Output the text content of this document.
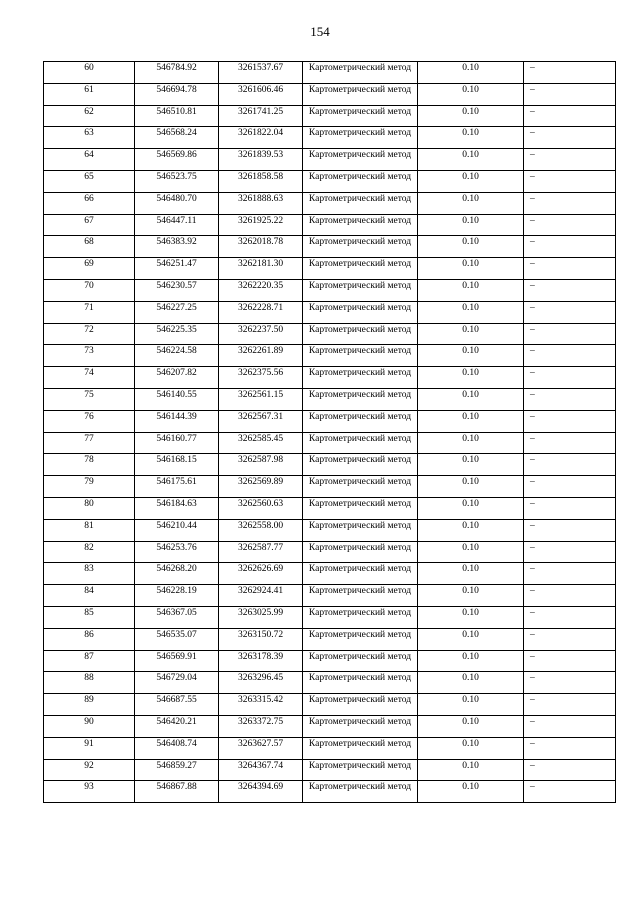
154
60	546784.92	3261537.67	Картометрический метод	0.10	–

61	546694.78	3261606.46	Картометрический метод	0.10	–

62	546510.81	3261741.25	Картометрический метод	0.10	–

63	546568.24	3261822.04	Картометрический метод	0.10	–

64	546569.86	3261839.53	Картометрический метод	0.10	–

65	546523.75	3261858.58	Картометрический метод	0.10	–

66	546480.70	3261888.63	Картометрический метод	0.10	–

67	546447.11	3261925.22	Картометрический метод	0.10	–

68	546383.92	3262018.78	Картометрический метод	0.10	–

69	546251.47	3262181.30	Картометрический метод	0.10	–

70	546230.57	3262220.35	Картометрический метод	0.10	–

71	546227.25	3262228.71	Картометрический метод	0.10	–

72	546225.35	3262237.50	Картометрический метод	0.10	–

73	546224.58	3262261.89	Картометрический метод	0.10	–

74	546207.82	3262375.56	Картометрический метод	0.10	–

75	546140.55	3262561.15	Картометрический метод	0.10	–

76	546144.39	3262567.31	Картометрический метод	0.10	–

77	546160.77	3262585.45	Картометрический метод	0.10	–

78	546168.15	3262587.98	Картометрический метод	0.10	–

79	546175.61	3262569.89	Картометрический метод	0.10	–

80	546184.63	3262560.63	Картометрический метод	0.10	–

81	546210.44	3262558.00	Картометрический метод	0.10	–

82	546253.76	3262587.77	Картометрический метод	0.10	–

83	546268.20	3262626.69	Картометрический метод	0.10	–

84	546228.19	3262924.41	Картометрический метод	0.10	–

85	546367.05	3263025.99	Картометрический метод	0.10	–

86	546535.07	3263150.72	Картометрический метод	0.10	–

87	546569.91	3263178.39	Картометрический метод	0.10	–

88	546729.04	3263296.45	Картометрический метод	0.10	–

89	546687.55	3263315.42	Картометрический метод	0.10	–

90	546420.21	3263372.75	Картометрический метод	0.10	–

91	546408.74	3263627.57	Картометрический метод	0.10	–

92	546859.27	3264367.74	Картометрический метод	0.10	–

93	546867.88	3264394.69	Картометрический метод	0.10	–
